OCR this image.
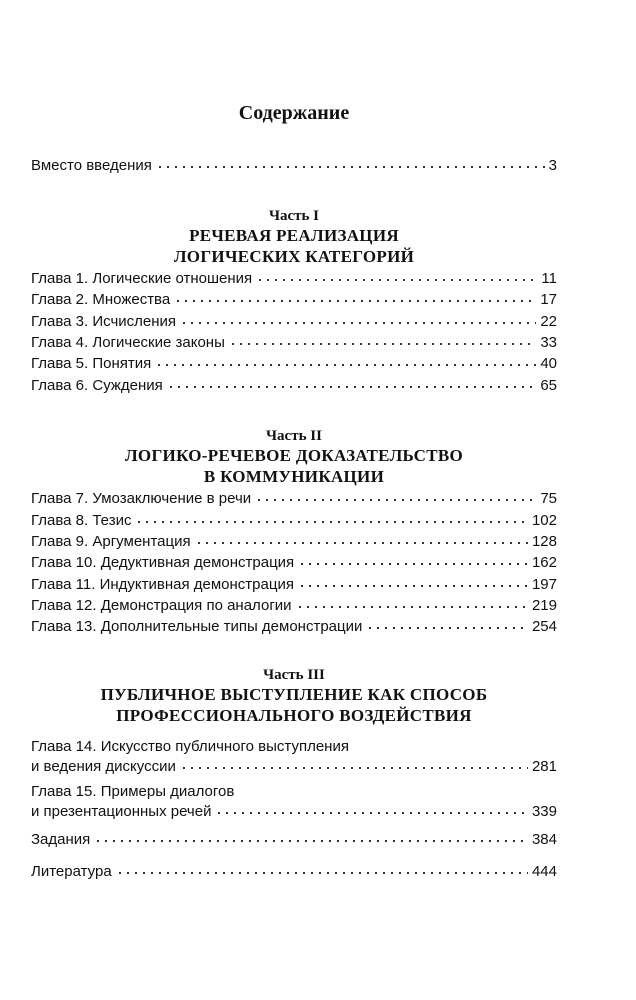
Содержание
Вместо введения	3
Часть I
РЕЧЕВАЯ РЕАЛИЗАЦИЯ
ЛОГИЧЕСКИХ КАТЕГОРИЙ
Глава 1. Логические отношения	11
Глава 2. Множества	17
Глава 3. Исчисления	22
Глава 4. Логические законы	33
Глава 5. Понятия	40
Глава 6. Суждения	65
Часть II
ЛОГИКО-РЕЧЕВОЕ ДОКАЗАТЕЛЬСТВО
В КОММУНИКАЦИИ
Глава 7. Умозаключение в речи	75
Глава 8. Тезис	102
Глава 9. Аргументация	128
Глава 10. Дедуктивная демонстрация	162
Глава 11. Индуктивная демонстрация	197
Глава 12. Демонстрация по аналогии	219
Глава 13. Дополнительные типы демонстрации	254
Часть III
ПУБЛИЧНОЕ ВЫСТУПЛЕНИЕ КАК СПОСОБ
ПРОФЕССИОНАЛЬНОГО ВОЗДЕЙСТВИЯ
Глава 14. Искусство публичного выступления
и ведения дискуссии	281
Глава 15. Примеры диалогов
и презентационных речей	339
Задания	384
Литература	444
